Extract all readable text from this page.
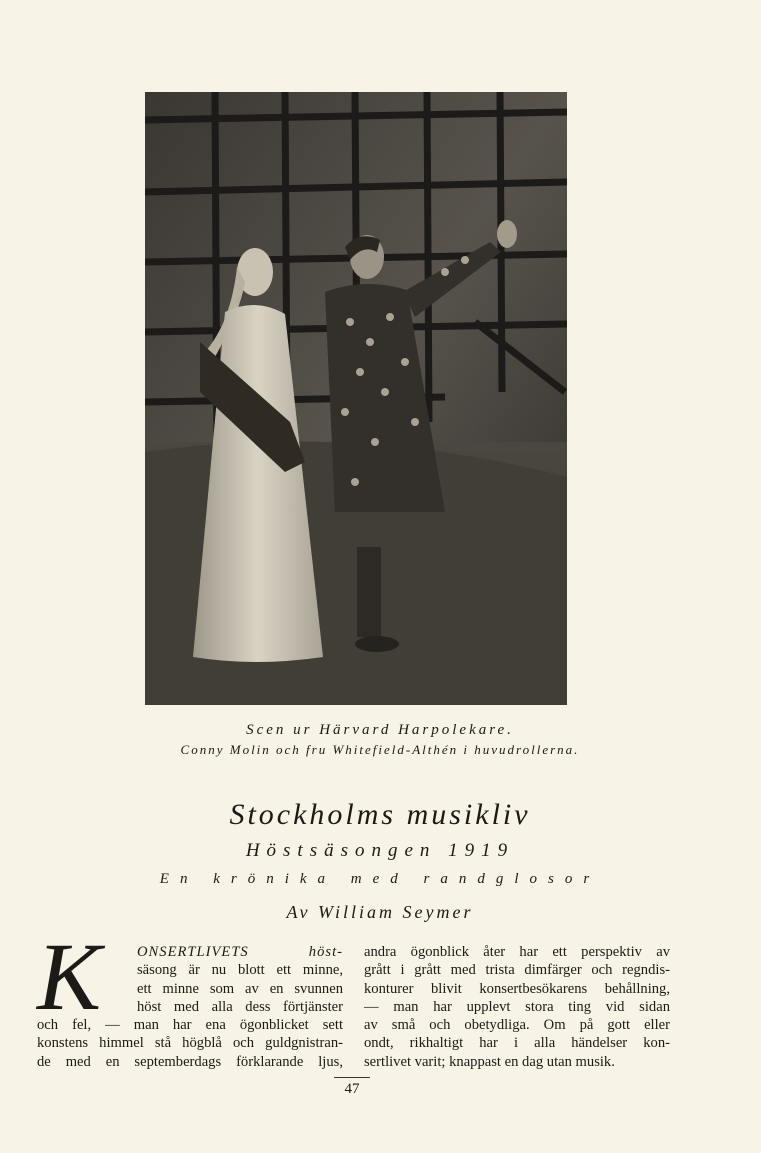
Scen ur Härvard Harpolekare.
Conny Molin och fru Whitefield-Althén i huvudrollerna.
Stockholms musikliv
Höstsäsongen 1919
En krönika med randglosor
Av William Seymer
K	ONSERTLIVETS höst-
säsong är nu blott ett minne,
ett minne som av en svunnen
höst med alla dess förtjänster
och fel, — man har ena ögonblicket sett
konstens himmel stå högblå och guldgnistran-
de med en septemberdags förklarande ljus,
andra ögonblick åter har ett perspektiv av
grått i grått med trista dimfärger och regndis-
konturer blivit konsertbesökarens behållning,
— man har upplevt stora ting vid sidan
av små och obetydliga. Om på gott eller
ondt, rikhaltigt har i alla händelser kon-
sertlivet varit; knappast en dag utan musik.
47
